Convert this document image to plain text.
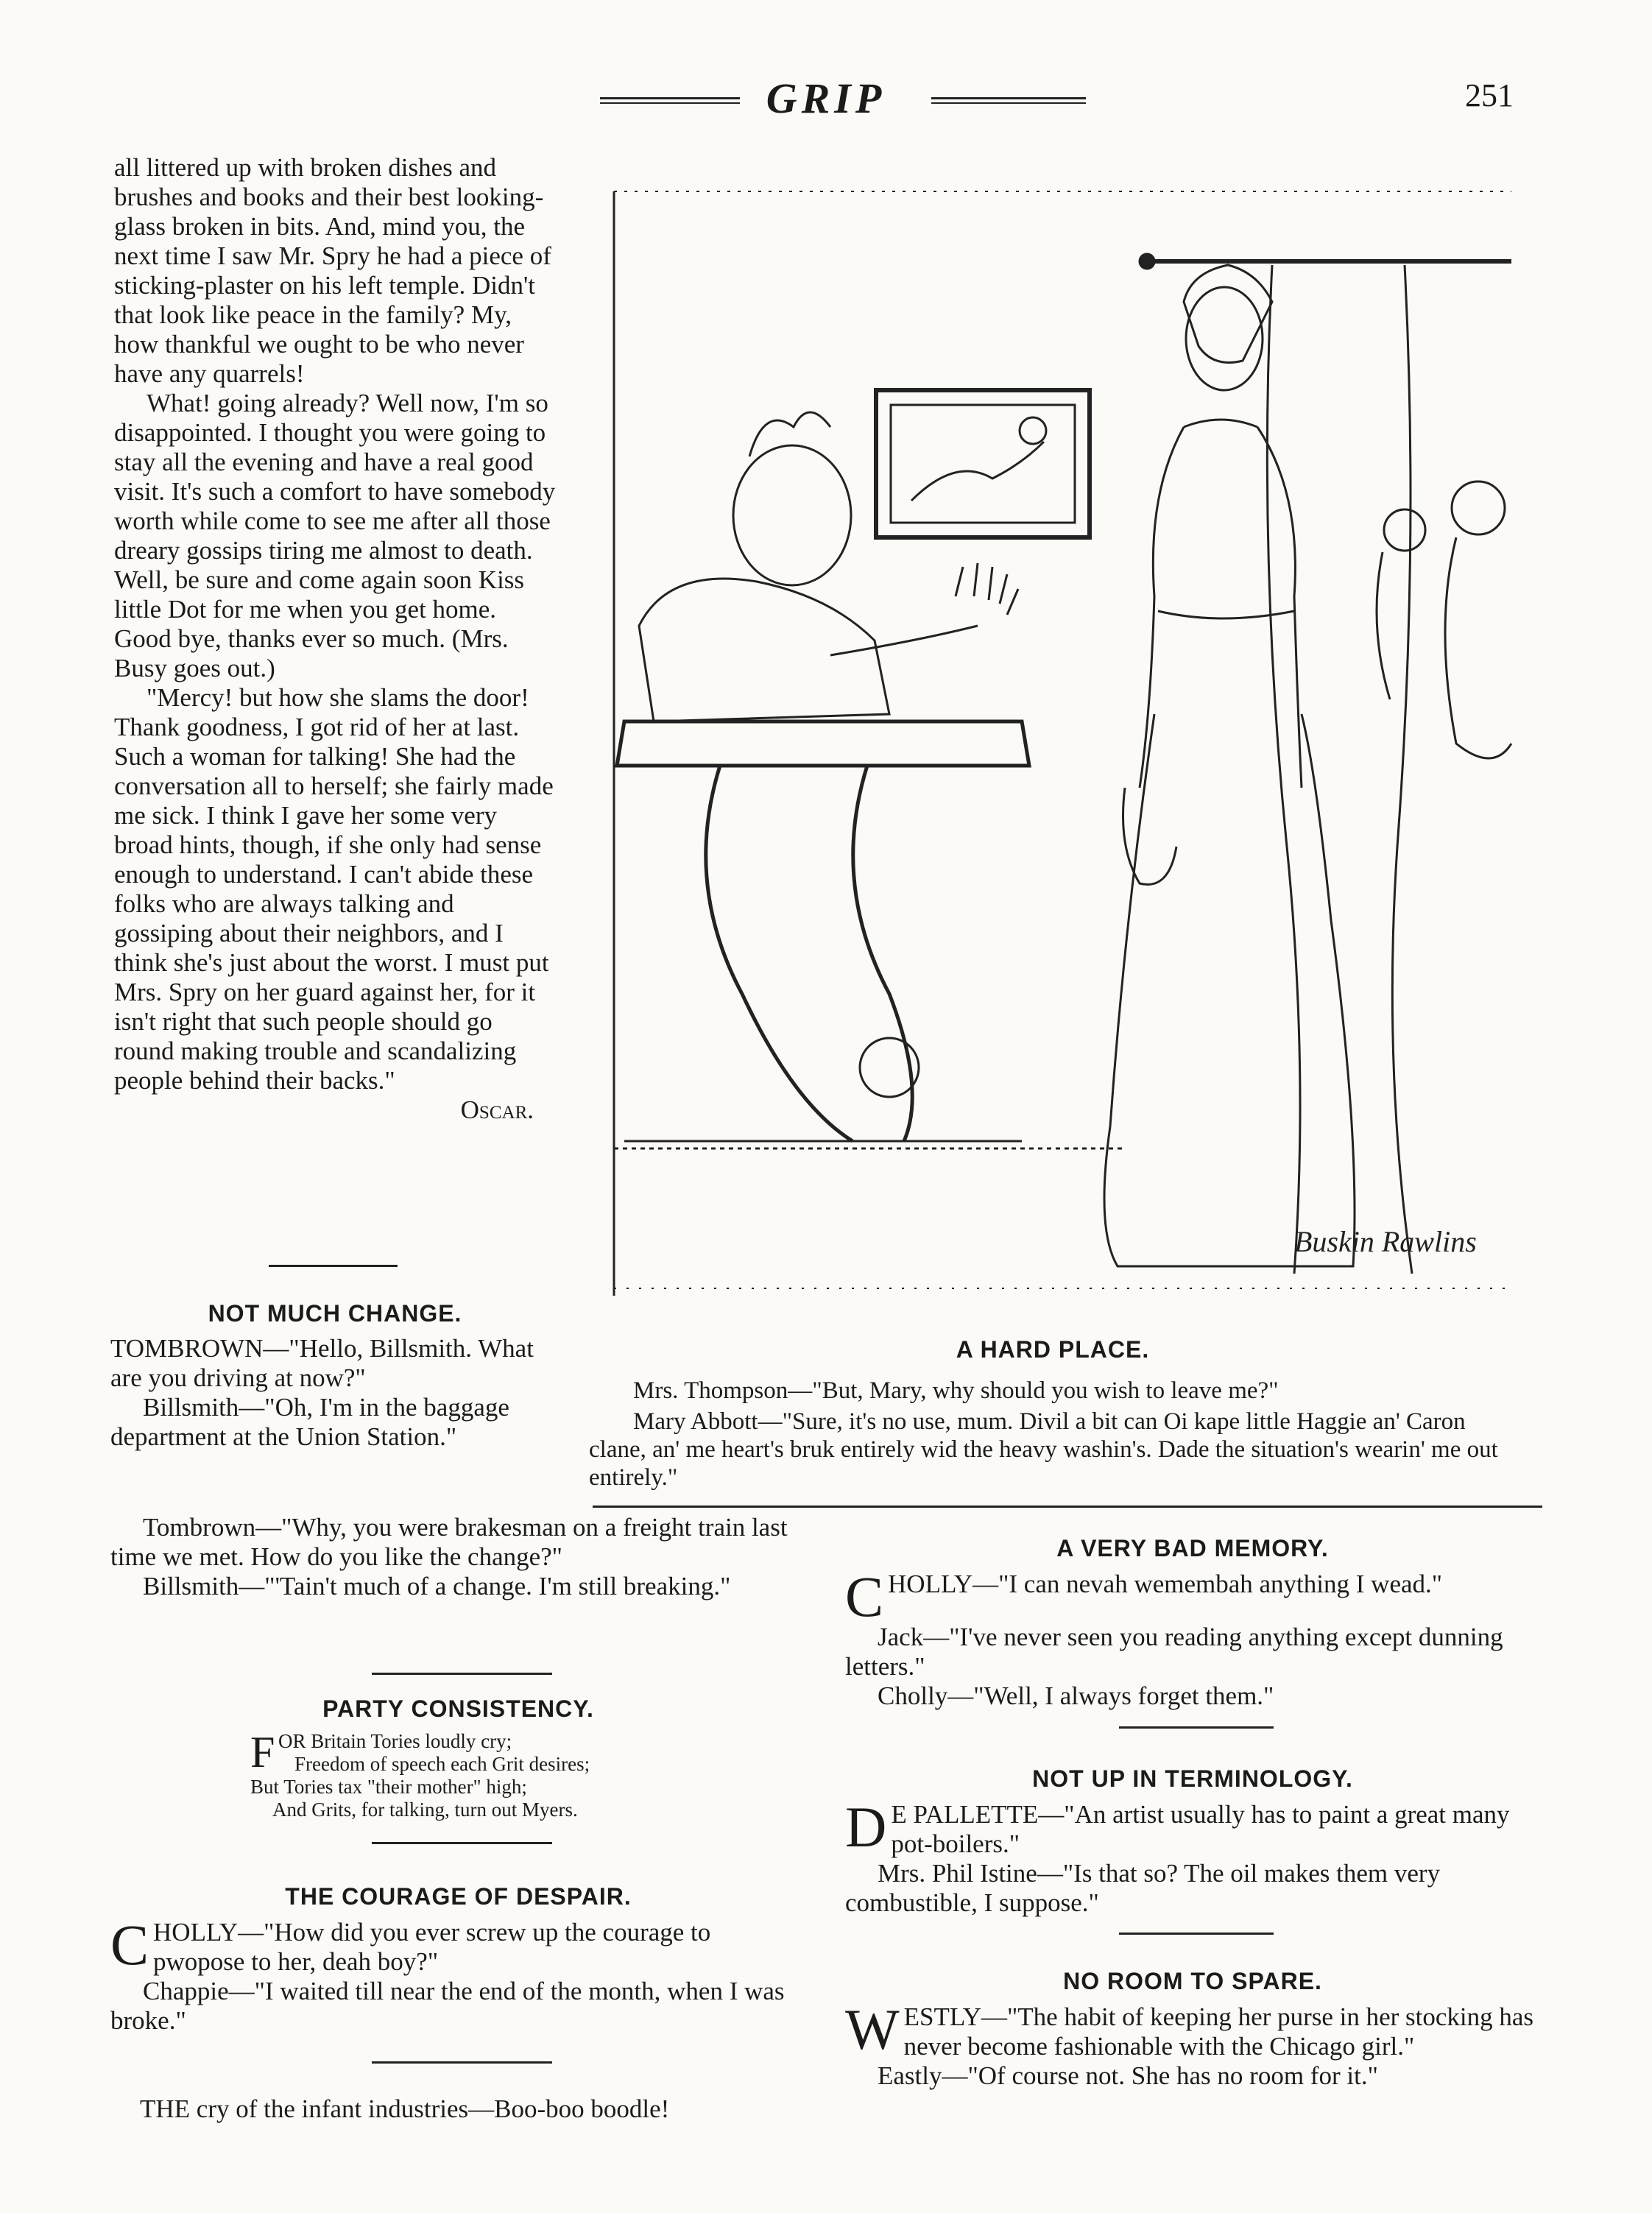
GRIP	251

all littered up with broken dishes and brushes and books and their best looking-glass broken in bits. And, mind you, the next time I saw Mr. Spry he had a piece of sticking-plaster on his left temple. Didn't that look like peace in the family? My, how thankful we ought to be who never have any quarrels!

What! going already? Well now, I'm so disappointed. I thought you were going to stay all the evening and have a real good visit. It's such a comfort to have somebody worth while come to see me after all those dreary gossips tiring me almost to death. Well, be sure and come again soon Kiss little Dot for me when you get home. Good bye, thanks ever so much. (Mrs. Busy goes out.)

"Mercy! but how she slams the door! Thank goodness, I got rid of her at last. Such a woman for talking! She had the conversation all to herself; she fairly made me sick. I think I gave her some very broad hints, though, if she only had sense enough to understand. I can't abide these folks who are always talking and gossiping about their neighbors, and I think she's just about the worst. I must put Mrs. Spry on her guard against her, for it isn't right that such people should go round making trouble and scandalizing people behind their backs."

Oscar.

Buskin Rawlins
A HARD PLACE.

Mrs. Thompson—"But, Mary, why should you wish to leave me?"

Mary Abbott—"Sure, it's no use, mum. Divil a bit can Oi kape little Haggie an' Caron clane, an' me heart's bruk entirely wid the heavy washin's. Dade the situation's wearin' me out entirely."

NOT MUCH CHANGE.

TOMBROWN—"Hello, Billsmith. What are you driving at now?"

Billsmith—"Oh, I'm in the baggage department at the Union Station."

Tombrown—"Why, you were brakesman on a freight train last time we met. How do you like the change?"

Billsmith—"'Tain't much of a change. I'm still breaking."

PARTY CONSISTENCY.
F OR Britain Tories loudly cry;
Freedom of speech each Grit desires;
But Tories tax "their mother" high;
And Grits, for talking, turn out Myers.
THE COURAGE OF DESPAIR.
C HOLLY—"How did you ever screw up the courage to pwopose to her, deah boy?"

Chappie—"I waited till near the end of the month, when I was broke."

THE cry of the infant industries—Boo-boo boodle!
A VERY BAD MEMORY.
C HOLLY—"I can nevah wemembah anything I wead."

Jack—"I've never seen you reading anything except dunning letters."

Cholly—"Well, I always forget them."

NOT UP IN TERMINOLOGY.
D E PALLETTE—"An artist usually has to paint a great many pot-boilers."

Mrs. Phil Istine—"Is that so? The oil makes them very combustible, I suppose."

NO ROOM TO SPARE.
W ESTLY—"The habit of keeping her purse in her stocking has never become fashionable with the Chicago girl."

Eastly—"Of course not. She has no room for it."
